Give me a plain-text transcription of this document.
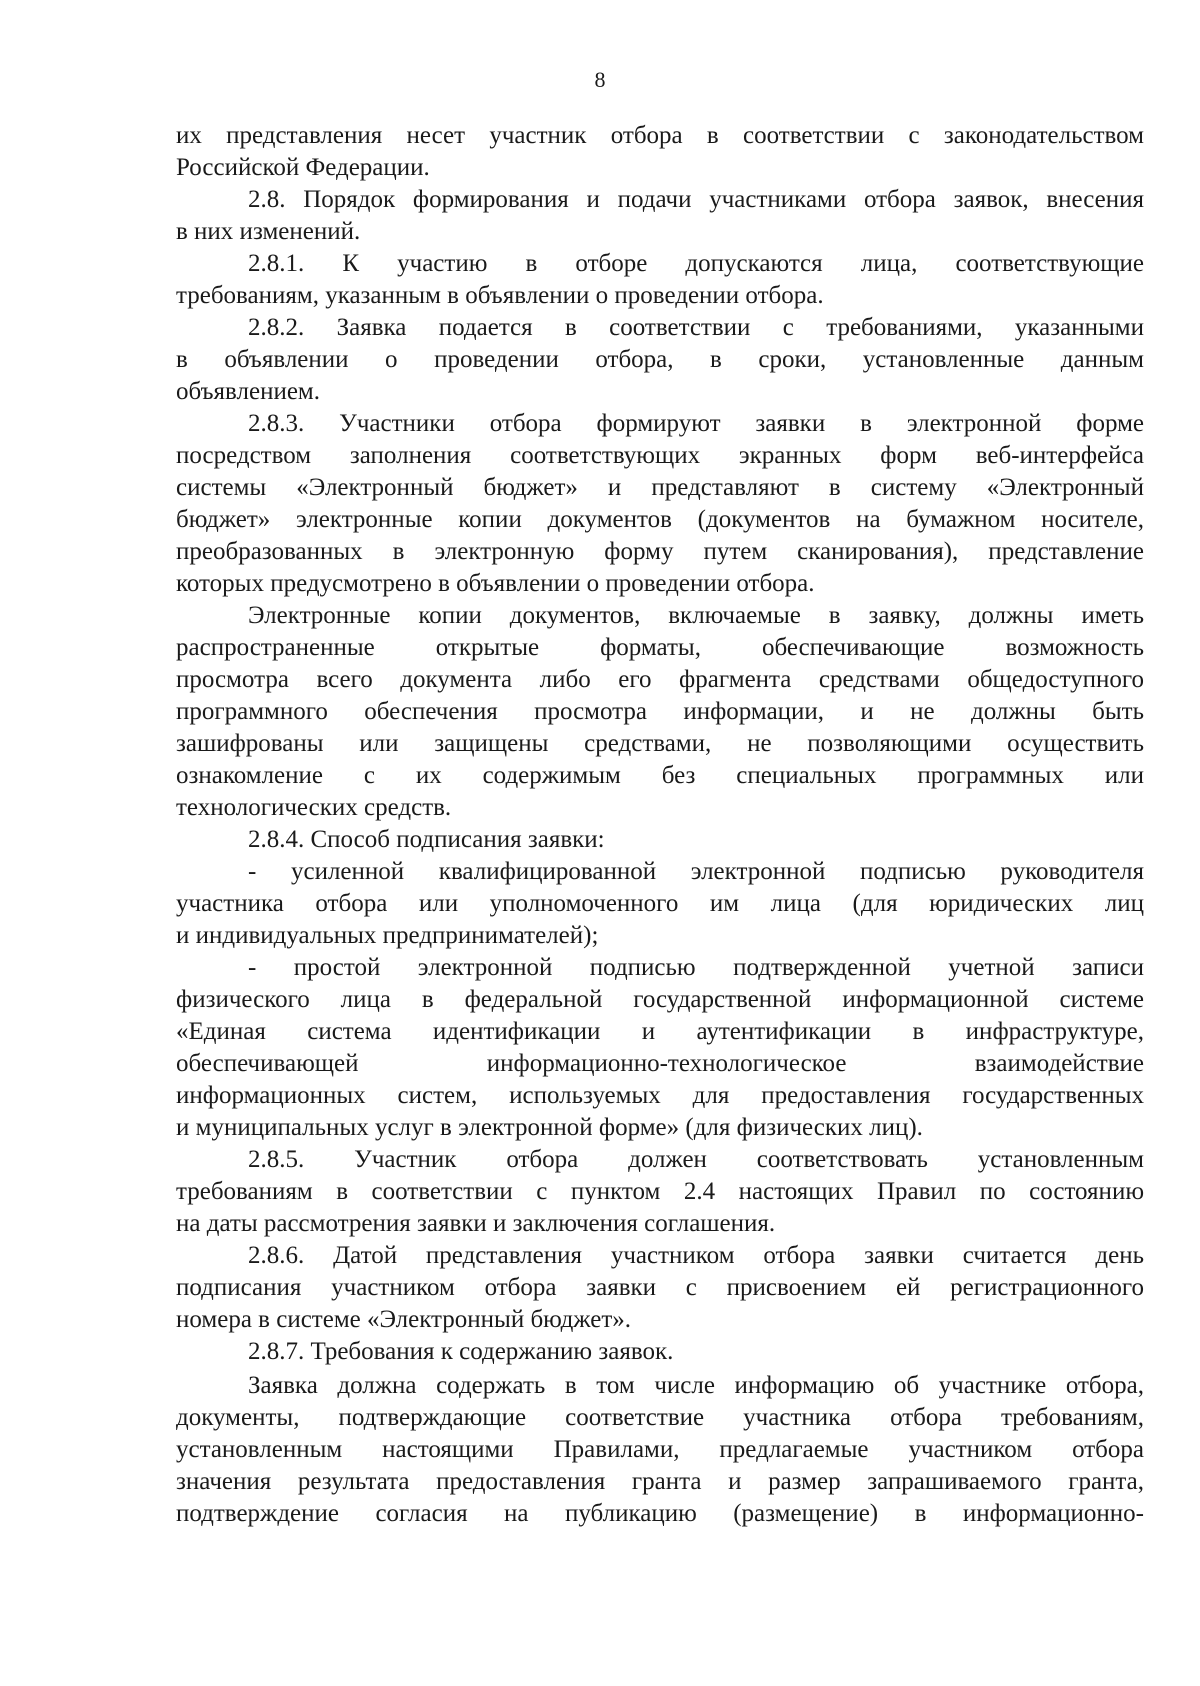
8
их представления несет участник отбора в соответствии с законодательством
Российской Федерации.
2.8. Порядок формирования и подачи участниками отбора заявок, внесения
в них изменений.
2.8.1. К участию в отборе допускаются лица, соответствующие
требованиям, указанным в объявлении о проведении отбора.
2.8.2. Заявка подается в соответствии с требованиями, указанными
в объявлении о проведении отбора, в сроки, установленные данным
объявлением.
2.8.3. Участники отбора формируют заявки в электронной форме
посредством заполнения соответствующих экранных форм веб-интерфейса
системы «Электронный бюджет» и представляют в систему «Электронный
бюджет» электронные копии документов (документов на бумажном носителе,
преобразованных в электронную форму путем сканирования), представление
которых предусмотрено в объявлении о проведении отбора.
Электронные копии документов, включаемые в заявку, должны иметь
распространенные открытые форматы, обеспечивающие возможность
просмотра всего документа либо его фрагмента средствами общедоступного
программного обеспечения просмотра информации, и не должны быть
зашифрованы или защищены средствами, не позволяющими осуществить
ознакомление с их содержимым без специальных программных или
технологических средств.
2.8.4. Способ подписания заявки:
- усиленной квалифицированной электронной подписью руководителя
участника отбора или уполномоченного им лица (для юридических лиц
и индивидуальных предпринимателей);
- простой электронной подписью подтвержденной учетной записи
физического лица в федеральной государственной информационной системе
«Единая система идентификации и аутентификации в инфраструктуре,
обеспечивающей информационно-технологическое взаимодействие
информационных систем, используемых для предоставления государственных
и муниципальных услуг в электронной форме» (для физических лиц).
2.8.5. Участник отбора должен соответствовать установленным
требованиям в соответствии с пунктом 2.4 настоящих Правил по состоянию
на даты рассмотрения заявки и заключения соглашения.
2.8.6. Датой представления участником отбора заявки считается день
подписания участником отбора заявки с присвоением ей регистрационного
номера в системе «Электронный бюджет».
2.8.7. Требования к содержанию заявок.
Заявка должна содержать в том числе информацию об участнике отбора,
документы, подтверждающие соответствие участника отбора требованиям,
установленным настоящими Правилами, предлагаемые участником отбора
значения результата предоставления гранта и размер запрашиваемого гранта,
подтверждение согласия на публикацию (размещение) в информационно-
